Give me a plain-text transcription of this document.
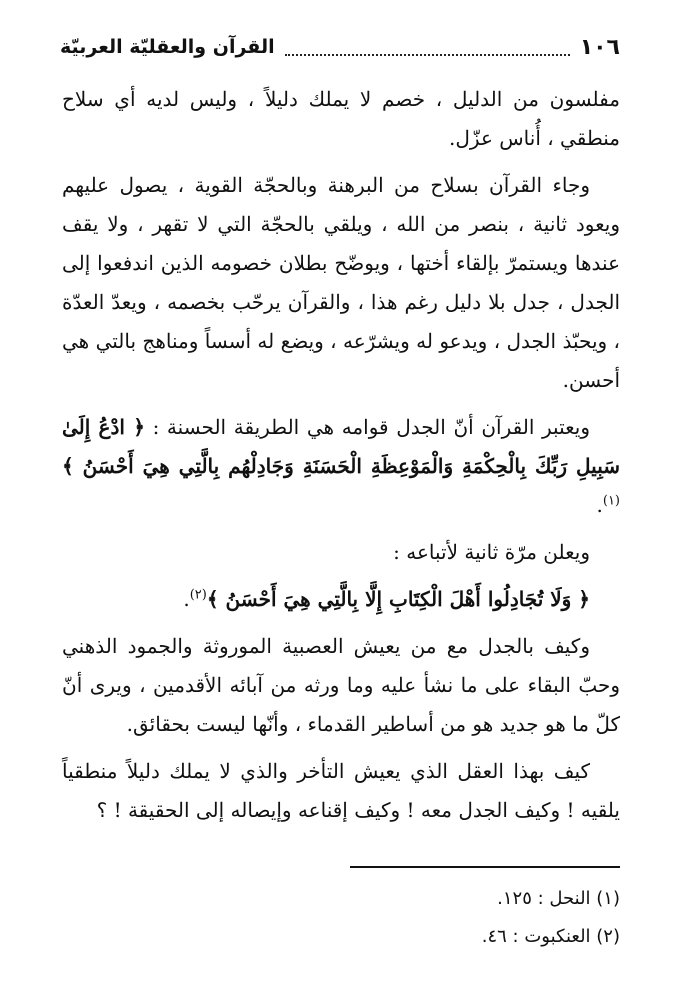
١٠٦
القرآن والعقليّة العربيّة

مفلسون من الدليل ، خصم لا يملك دليلاً ، وليس لديه أي سلاح منطقي ، أُناس عزّل.

وجاء القرآن بسلاح من البرهنة وبالحجّة القوية ، يصول عليهم ويعود ثانية ، بنصر من الله ، ويلقي بالحجّة التي لا تقهر ، ولا يقف عندها ويستمرّ بإلقاء أختها ، ويوضّح بطلان خصومه الذين اندفعوا إلى الجدل ، جدل بلا دليل رغم هذا ، والقرآن يرحّب بخصمه ، ويعدّ العدّة ، ويحبّذ الجدل ، ويدعو له ويشرّعه ، ويضع له أسساً ومناهج بالتي هي أحسن.

ويعتبر القرآن أنّ الجدل قوامه هي الطريقة الحسنة : ﴿ ادْعُ إِلَىٰ سَبِيلِ رَبِّكَ بِالْحِكْمَةِ وَالْمَوْعِظَةِ الْحَسَنَةِ وَجَادِلْهُم بِالَّتِي هِيَ أَحْسَنُ ﴾$^{(١)}$.

ويعلن مرّة ثانية لأتباعه :

﴿ وَلَا تُجَادِلُوا أَهْلَ الْكِتَابِ إِلَّا بِالَّتِي هِيَ أَحْسَنُ ﴾$^{(٢)}$.

وكيف بالجدل مع من يعيش العصبية الموروثة والجمود الذهني وحبّ البقاء على ما نشأ عليه وما ورثه من آبائه الأقدمين ، ويرى أنّ كلّ ما هو جديد هو من أساطير القدماء ، وأنّها ليست بحقائق.

كيف بهذا العقل الذي يعيش التأخر والذي لا يملك دليلاً منطقياً يلقيه ! وكيف الجدل معه ! وكيف إقناعه وإيصاله إلى الحقيقة ! ؟

(١) النحل : ١٢٥.
(٢) العنكبوت : ٤٦.
